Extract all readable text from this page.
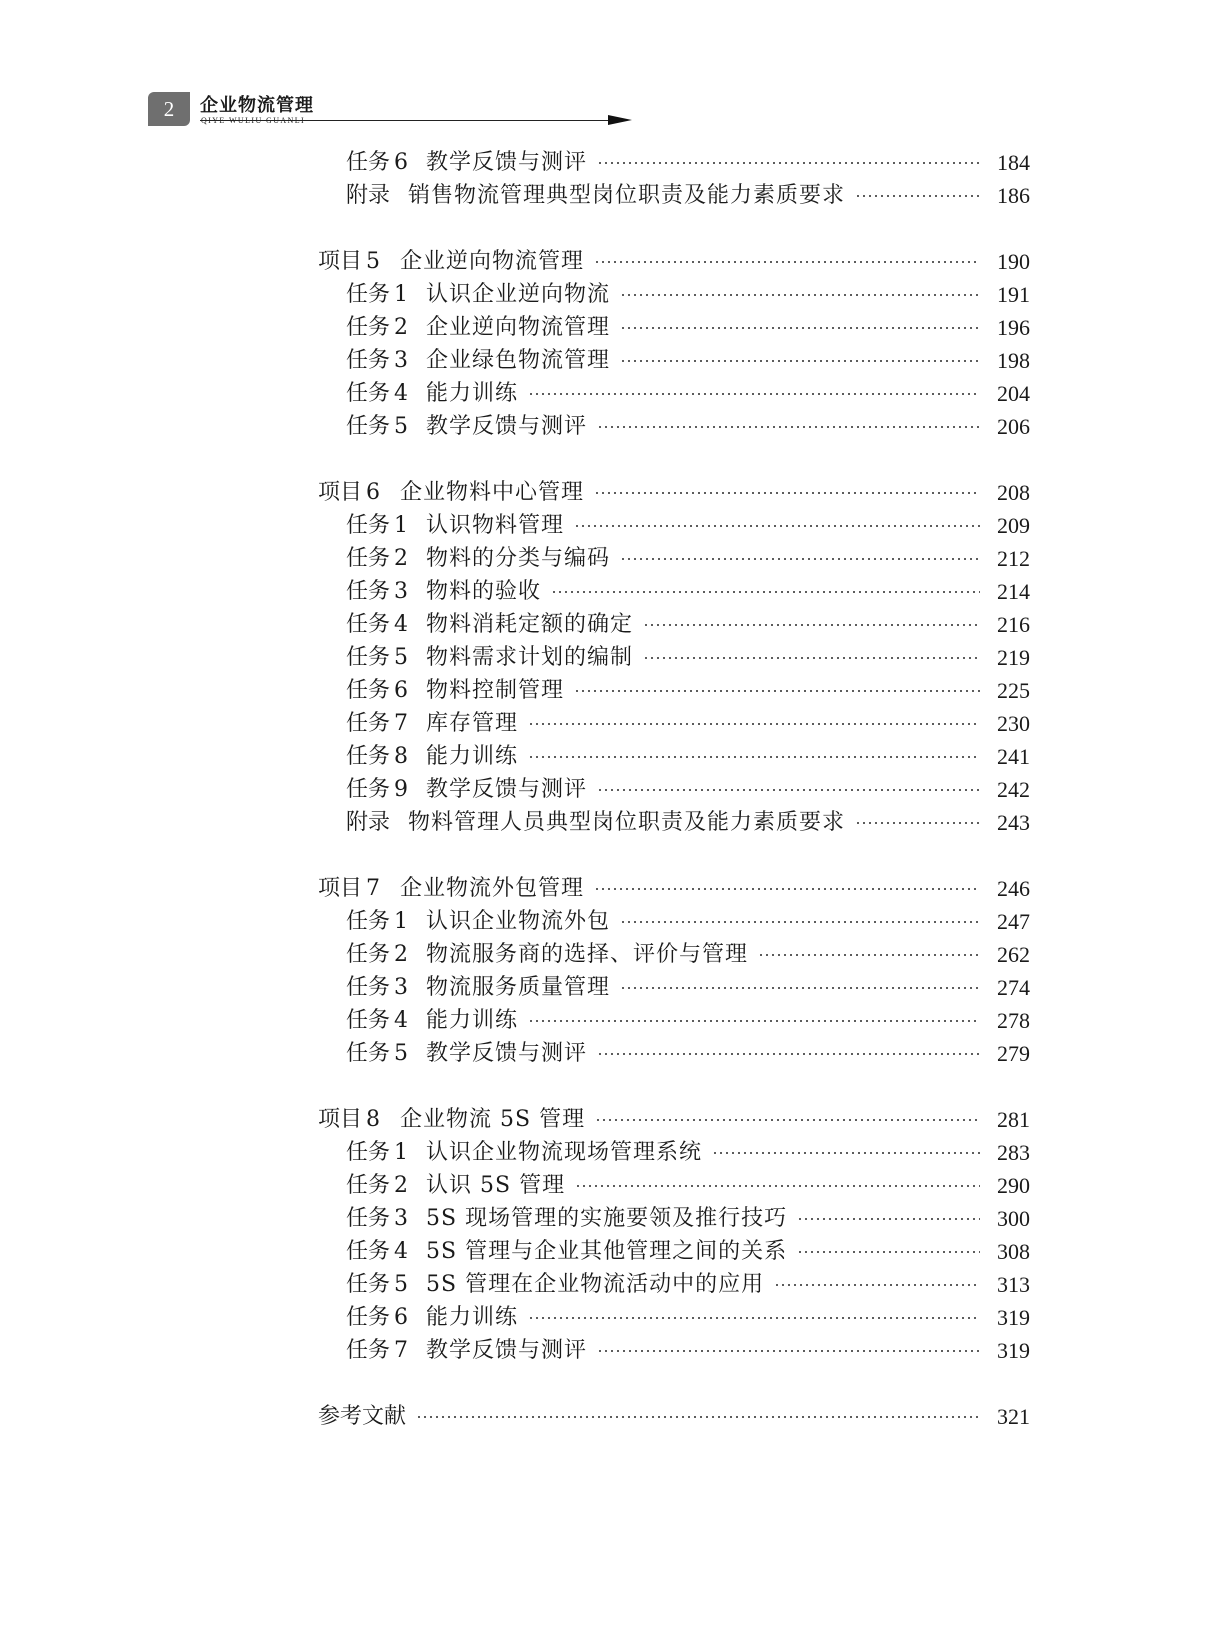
2	企业物流管理
QIYE WULIU GUANLI
任务 6 教学反馈与测评	184
附录 销售物流管理典型岗位职责及能力素质要求	186
项目 5 企业逆向物流管理	190
任务 1 认识企业逆向物流	191
任务 2 企业逆向物流管理	196
任务 3 企业绿色物流管理	198
任务 4 能力训练	204
任务 5 教学反馈与测评	206
项目 6 企业物料中心管理	208
任务 1 认识物料管理	209
任务 2 物料的分类与编码	212
任务 3 物料的验收	214
任务 4 物料消耗定额的确定	216
任务 5 物料需求计划的编制	219
任务 6 物料控制管理	225
任务 7 库存管理	230
任务 8 能力训练	241
任务 9 教学反馈与测评	242
附录 物料管理人员典型岗位职责及能力素质要求	243
项目 7 企业物流外包管理	246
任务 1 认识企业物流外包	247
任务 2 物流服务商的选择、评价与管理	262
任务 3 物流服务质量管理	274
任务 4 能力训练	278
任务 5 教学反馈与测评	279
项目 8 企业物流 5S 管理	281
任务 1 认识企业物流现场管理系统	283
任务 2 认识 5S 管理	290
任务 3 5S 现场管理的实施要领及推行技巧	300
任务 4 5S 管理与企业其他管理之间的关系	308
任务 5 5S 管理在企业物流活动中的应用	313
任务 6 能力训练	319
任务 7 教学反馈与测评	319
参考文献	321
